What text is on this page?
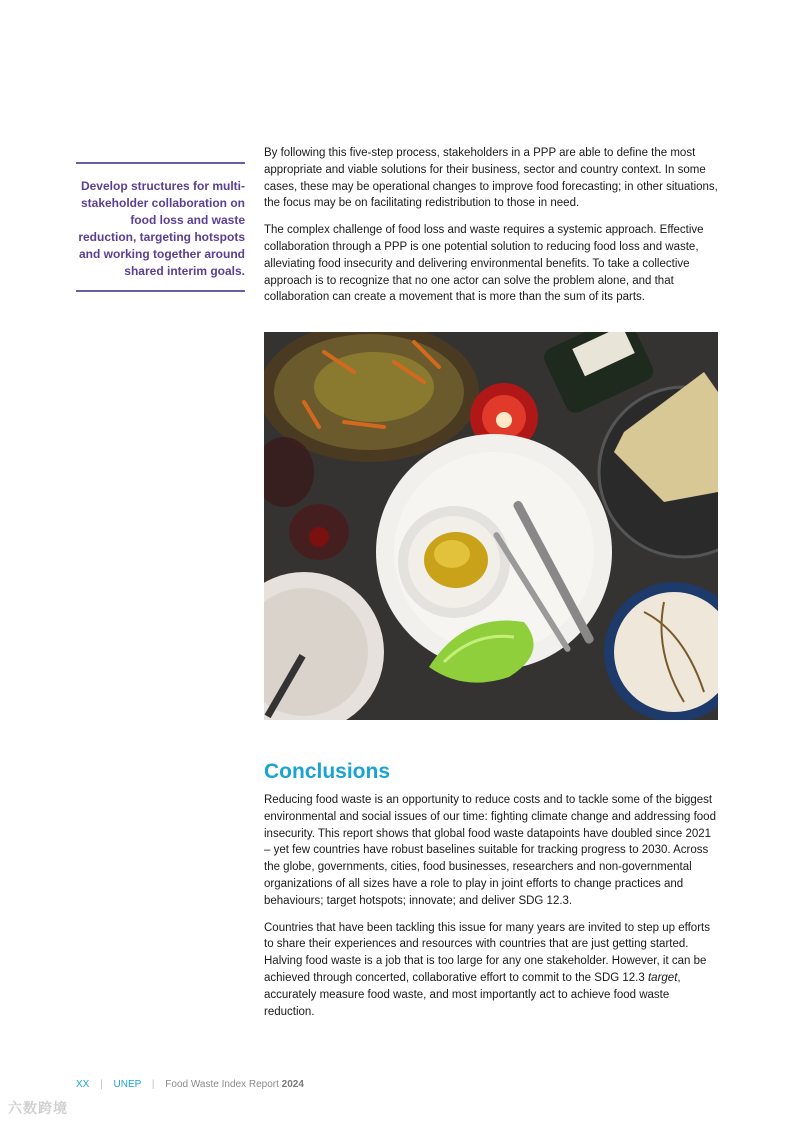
Develop structures for multi-stakeholder collaboration on food loss and waste reduction, targeting hotspots and working together around shared interim goals.

By following this five-step process, stakeholders in a PPP are able to define the most appropriate and viable solutions for their business, sector and country context. In some cases, these may be operational changes to improve food forecasting; in other situations, the focus may be on facilitating redistribution to those in need.

The complex challenge of food loss and waste requires a systemic approach. Effective collaboration through a PPP is one potential solution to reducing food loss and waste, alleviating food insecurity and delivering environmental benefits. To take a collective approach is to recognize that no one actor can solve the problem alone, and that collaboration can create a movement that is more than the sum of its parts.

Conclusions

Reducing food waste is an opportunity to reduce costs and to tackle some of the biggest environmental and social issues of our time: fighting climate change and addressing food insecurity. This report shows that global food waste datapoints have doubled since 2021 – yet few countries have robust baselines suitable for tracking progress to 2030. Across the globe, governments, cities, food businesses, researchers and non-governmental organizations of all sizes have a role to play in joint efforts to change practices and behaviours; target hotspots; innovate; and deliver SDG 12.3.

Countries that have been tackling this issue for many years are invited to step up efforts to share their experiences and resources with countries that are just getting started. Halving food waste is a job that is too large for any one stakeholder. However, it can be achieved through concerted, collaborative effort to commit to the SDG 12.3 target, accurately measure food waste, and most importantly act to achieve food waste reduction.

XX | UNEP | Food Waste Index Report 2024
六数跨境
